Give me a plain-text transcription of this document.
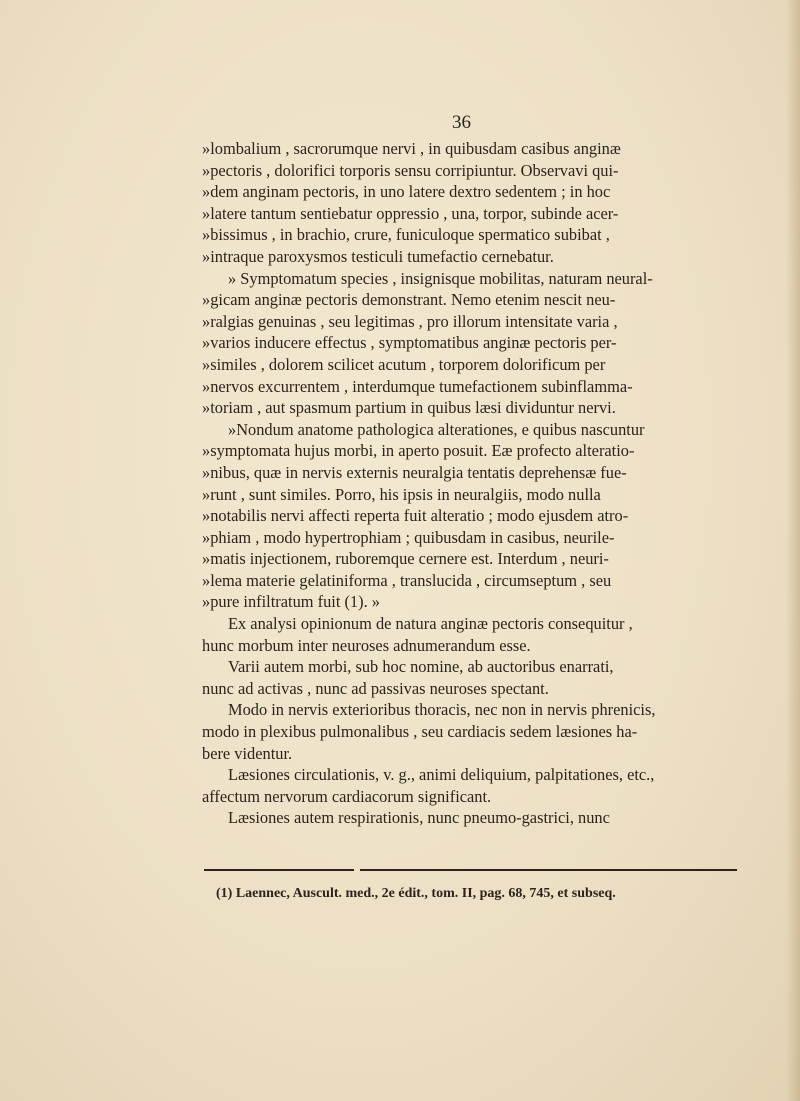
36
»lombalium , sacrorumque nervi , in quibusdam casibus anginæ
»pectoris , dolorifici torporis sensu corripiuntur. Observavi qui-
»dem anginam pectoris, in uno latere dextro sedentem ; in hoc
»latere tantum sentiebatur oppressio , una, torpor, subinde acer-
»bissimus , in brachio, crure, funiculoque spermatico subibat ,
»intraque paroxysmos testiculi tumefactio cernebatur.
» Symptomatum species , insignisque mobilitas, naturam neural-
»gicam anginæ pectoris demonstrant. Nemo etenim nescit neu-
»ralgias genuinas , seu legitimas , pro illorum intensitate varia ,
»varios inducere effectus , symptomatibus anginæ pectoris per-
»similes , dolorem scilicet acutum , torporem dolorificum per
»nervos excurrentem , interdumque tumefactionem subinflamma-
»toriam , aut spasmum partium in quibus læsi dividuntur nervi.
»Nondum anatome pathologica alterationes, e quibus nascuntur
»symptomata hujus morbi, in aperto posuit. Eæ profecto alteratio-
»nibus, quæ in nervis externis neuralgia tentatis deprehensæ fue-
»runt , sunt similes. Porro, his ipsis in neuralgiis, modo nulla
»notabilis nervi affecti reperta fuit alteratio ; modo ejusdem atro-
»phiam , modo hypertrophiam ; quibusdam in casibus, neurile-
»matis injectionem, ruboremque cernere est. Interdum , neuri-
»lema materie gelatiniforma , translucida , circumseptum , seu
»pure infiltratum fuit (1). »
Ex analysi opinionum de natura anginæ pectoris consequitur ,
hunc morbum inter neuroses adnumerandum esse.
Varii autem morbi, sub hoc nomine, ab auctoribus enarrati,
nunc ad activas , nunc ad passivas neuroses spectant.
Modo in nervis exterioribus thoracis, nec non in nervis phrenicis,
modo in plexibus pulmonalibus , seu cardiacis sedem læsiones ha-
bere videntur.
Læsiones circulationis, v. g., animi deliquium, palpitationes, etc.,
affectum nervorum cardiacorum significant.
Læsiones autem respirationis, nunc pneumo-gastrici, nunc
(1) Laennec, Auscult. med., 2e édit., tom. II, pag. 68, 745, et subseq.
